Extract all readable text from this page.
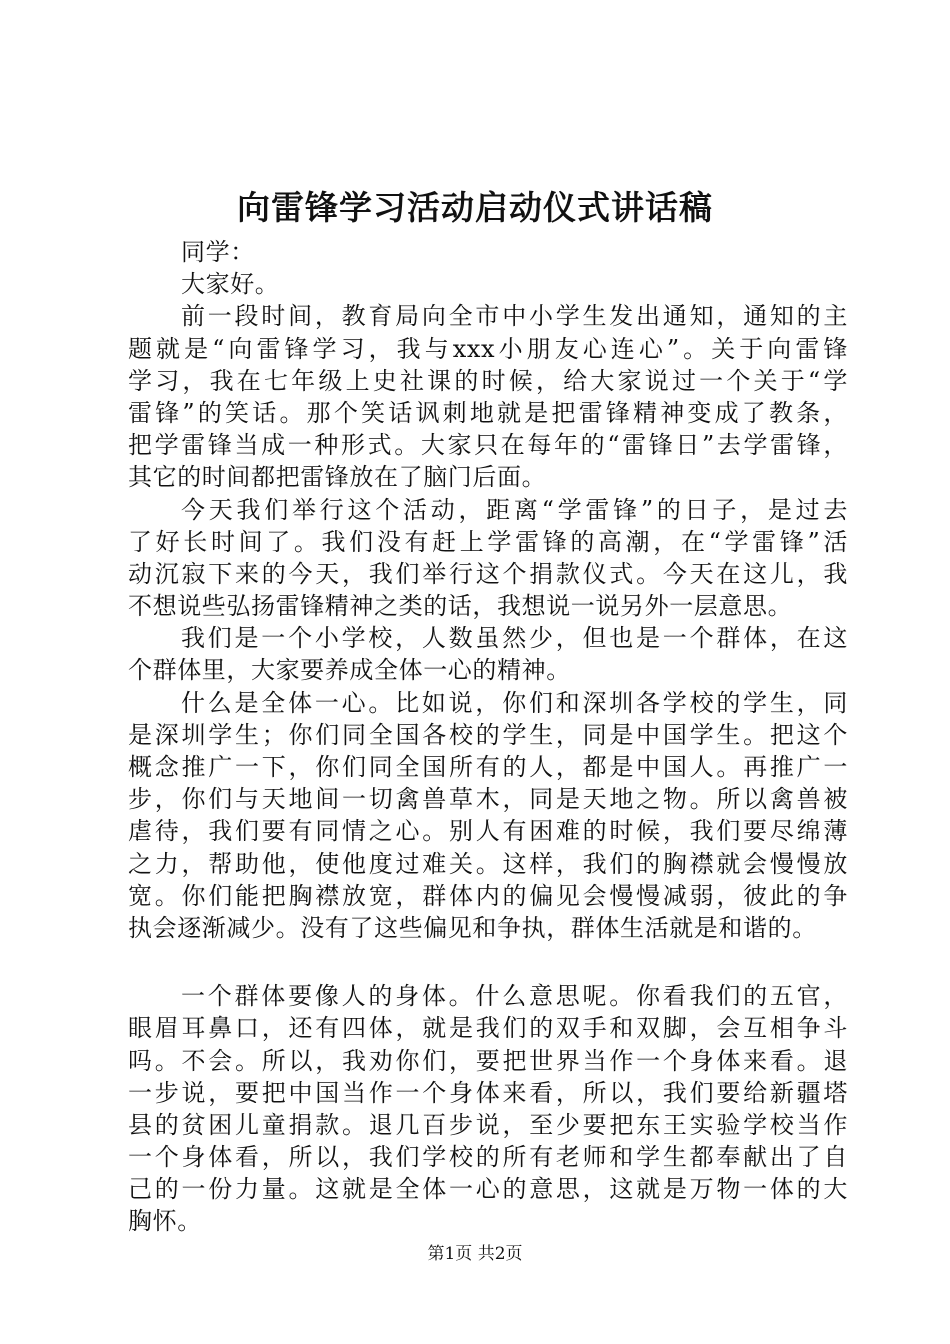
向雷锋学习活动启动仪式讲话稿
同学：
大家好。
前一段时间，教育局向全市中小学生发出通知，通知的主
题就是“向雷锋学习，我与xxx小朋友心连心”。关于向雷锋
学习，我在七年级上史社课的时候，给大家说过一个关于“学
雷锋”的笑话。那个笑话讽刺地就是把雷锋精神变成了教条，
把学雷锋当成一种形式。大家只在每年的“雷锋日”去学雷锋，
其它的时间都把雷锋放在了脑门后面。
今天我们举行这个活动，距离“学雷锋”的日子，是过去
了好长时间了。我们没有赶上学雷锋的高潮，在“学雷锋”活
动沉寂下来的今天，我们举行这个捐款仪式。今天在这儿，我
不想说些弘扬雷锋精神之类的话，我想说一说另外一层意思。
我们是一个小学校，人数虽然少，但也是一个群体，在这
个群体里，大家要养成全体一心的精神。
什么是全体一心。比如说，你们和深圳各学校的学生，同
是深圳学生；你们同全国各校的学生，同是中国学生。把这个
概念推广一下，你们同全国所有的人，都是中国人。再推广一
步，你们与天地间一切禽兽草木，同是天地之物。所以禽兽被
虐待，我们要有同情之心。别人有困难的时候，我们要尽绵薄
之力，帮助他，使他度过难关。这样，我们的胸襟就会慢慢放
宽。你们能把胸襟放宽，群体内的偏见会慢慢减弱，彼此的争
执会逐渐减少。没有了这些偏见和争执，群体生活就是和谐的。
一个群体要像人的身体。什么意思呢。你看我们的五官，
眼眉耳鼻口，还有四体，就是我们的双手和双脚，会互相争斗
吗。不会。所以，我劝你们，要把世界当作一个身体来看。退
一步说，要把中国当作一个身体来看，所以，我们要给新疆塔
县的贫困儿童捐款。退几百步说，至少要把东王实验学校当作
一个身体看，所以，我们学校的所有老师和学生都奉献出了自
己的一份力量。这就是全体一心的意思，这就是万物一体的大
胸怀。
第1页 共2页
